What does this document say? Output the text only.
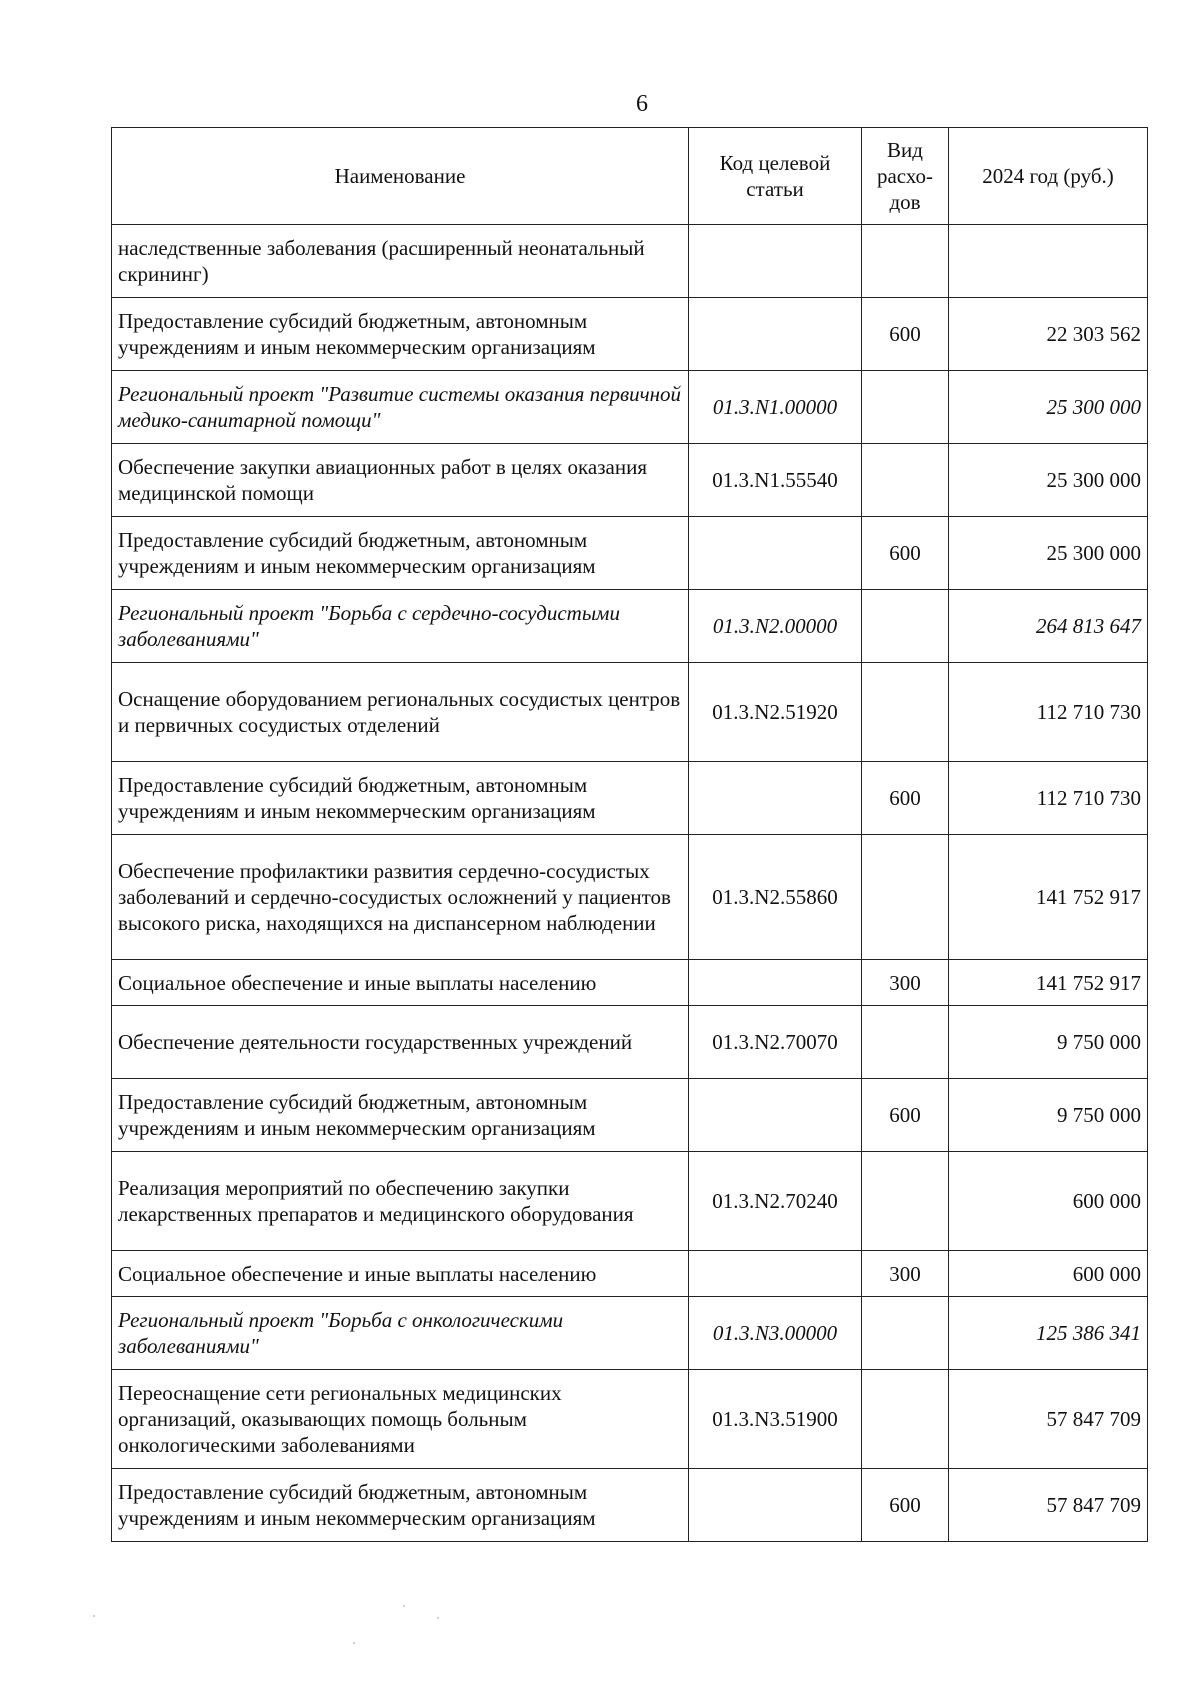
6
Наименование	Код целевой статьи	Вид расхо-дов	2024 год (руб.)
наследственные заболевания (расширенный неонатальный скрининг)			
Предоставление субсидий бюджетным, автономным учреждениям и иным некоммерческим организациям		600	22 303 562
Региональный проект "Развитие системы оказания первичной медико-санитарной помощи"	01.3.N1.00000		25 300 000
Обеспечение закупки авиационных работ в целях оказания медицинской помощи	01.3.N1.55540		25 300 000
Предоставление субсидий бюджетным, автономным учреждениям и иным некоммерческим организациям		600	25 300 000
Региональный проект "Борьба с сердечно-сосудистыми заболеваниями"	01.3.N2.00000		264 813 647
Оснащение оборудованием региональных сосудистых центров и первичных сосудистых отделений	01.3.N2.51920		112 710 730
Предоставление субсидий бюджетным, автономным учреждениям и иным некоммерческим организациям		600	112 710 730
Обеспечение профилактики развития сердечно-сосудистых заболеваний и сердечно-сосудистых осложнений у пациентов высокого риска, находящихся на диспансерном наблюдении	01.3.N2.55860		141 752 917
Социальное обеспечение и иные выплаты населению		300	141 752 917
Обеспечение деятельности государственных учреждений	01.3.N2.70070		9 750 000
Предоставление субсидий бюджетным, автономным учреждениям и иным некоммерческим организациям		600	9 750 000
Реализация мероприятий по обеспечению закупки лекарственных препаратов и медицинского оборудования	01.3.N2.70240		600 000
Социальное обеспечение и иные выплаты населению		300	600 000
Региональный проект "Борьба с онкологическими заболеваниями"	01.3.N3.00000		125 386 341
Переоснащение сети региональных медицинских организаций, оказывающих помощь больным онкологическими заболеваниями	01.3.N3.51900		57 847 709
Предоставление субсидий бюджетным, автономным учреждениям и иным некоммерческим организациям		600	57 847 709
